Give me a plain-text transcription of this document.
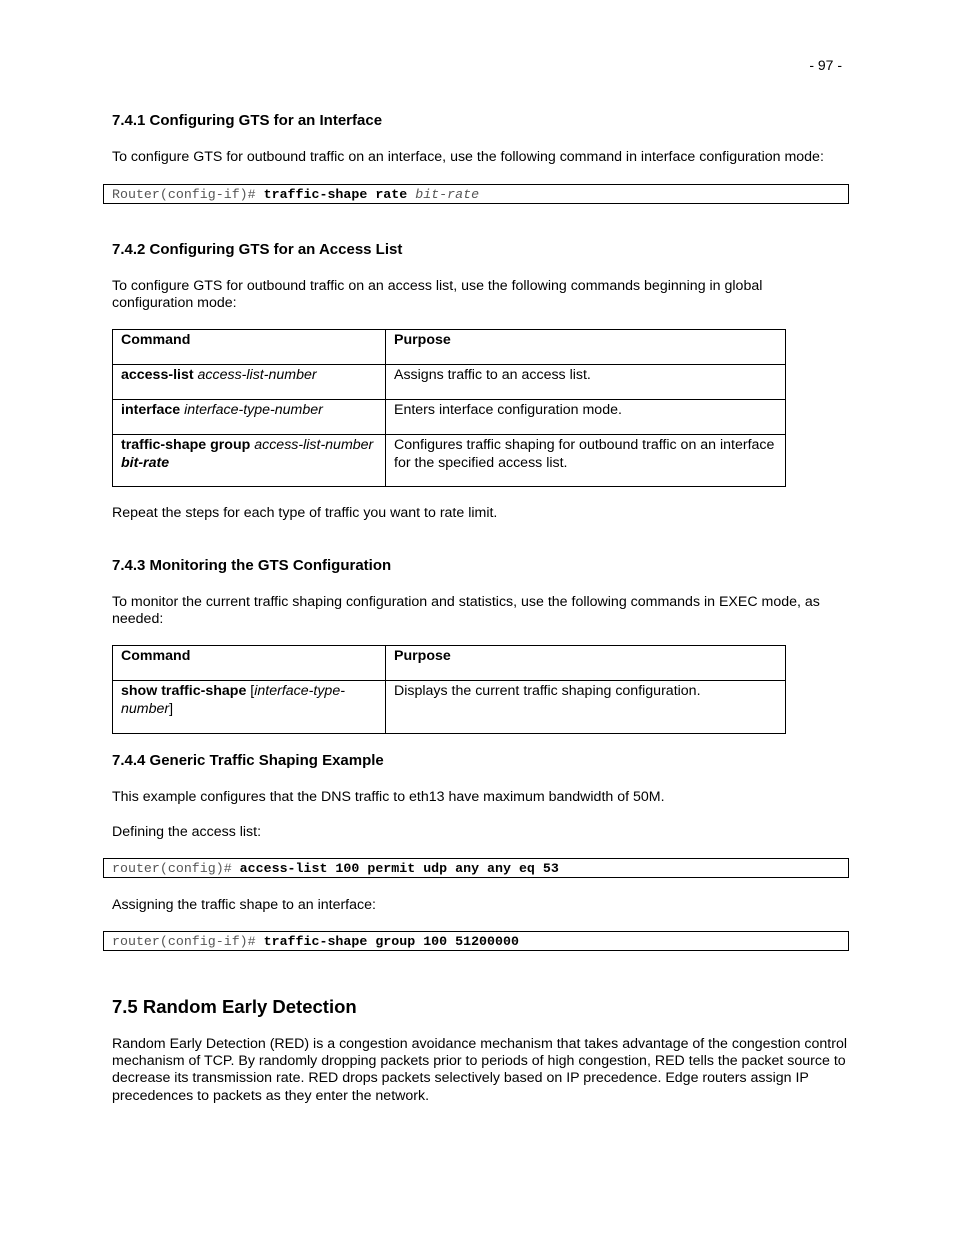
- 97 -
7.4.1 Configuring GTS for an Interface

To configure GTS for outbound traffic on an interface, use the following command in interface configuration mode:

Router(config-if)# traffic-shape rate bit-rate
7.4.2 Configuring GTS for an Access List

To configure GTS for outbound traffic on an access list, use the following commands beginning in global configuration mode:

Command	Purpose
access-list access-list-number	Assigns traffic to an access list.
interface interface-type-number	Enters interface configuration mode.
traffic-shape group access-list-number
bit-rate	Configures traffic shaping for outbound traffic on an interface for the specified access list.

Repeat the steps for each type of traffic you want to rate limit.

7.4.3 Monitoring the GTS Configuration

To monitor the current traffic shaping configuration and statistics, use the following commands in EXEC mode, as needed:

Command	Purpose
show traffic-shape [interface-type-number]	Displays the current traffic shaping configuration.
7.4.4 Generic Traffic Shaping Example

This example configures that the DNS traffic to eth13 have maximum bandwidth of 50M.

Defining the access list:

router(config)# access-list 100 permit udp any any eq 53

Assigning the traffic shape to an interface:

router(config-if)# traffic-shape group 100 51200000
7.5 Random Early Detection

Random Early Detection (RED) is a congestion avoidance mechanism that takes advantage of the congestion control mechanism of TCP. By randomly dropping packets prior to periods of high congestion, RED tells the packet source to decrease its transmission rate. RED drops packets selectively based on IP precedence. Edge routers assign IP precedences to packets as they enter the network.
